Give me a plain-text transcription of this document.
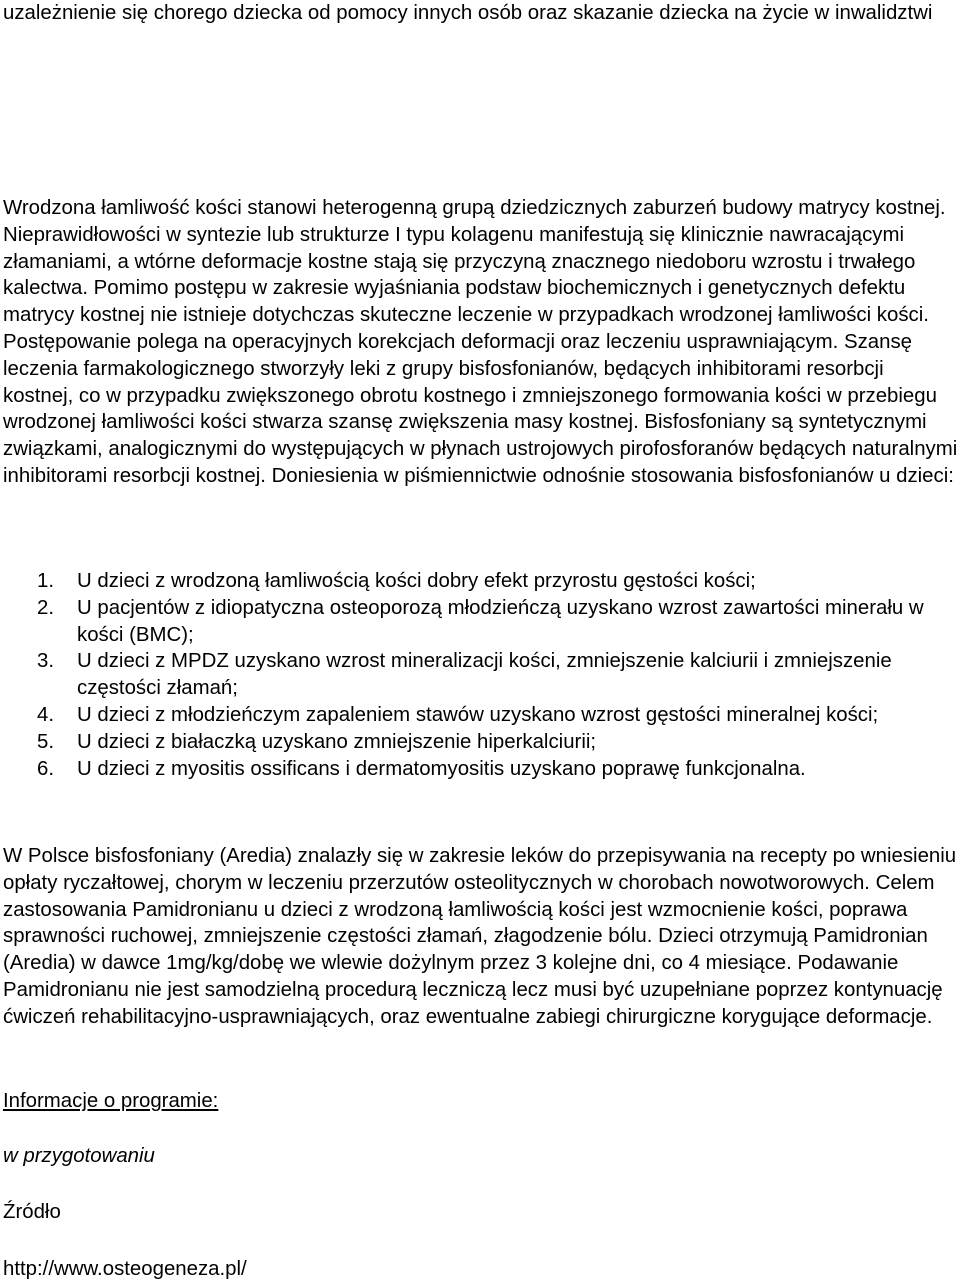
uzależnienie się chorego dziecka od pomocy innych osób oraz skazanie dziecka na życie w inwalidztwi

Wrodzona łamliwość kości stanowi heterogenną grupą dziedzicznych zaburzeń budowy matrycy kostnej. Nieprawidłowości w syntezie lub strukturze I typu kolagenu manifestują się klinicznie nawracającymi złamaniami, a wtórne deformacje kostne stają się przyczyną znacznego niedoboru wzrostu i trwałego kalectwa. Pomimo postępu w zakresie wyjaśniania podstaw biochemicznych i genetycznych defektu matrycy kostnej nie istnieje dotychczas skuteczne leczenie w przypadkach wrodzonej łamliwości kości. Postępowanie polega na operacyjnych korekcjach deformacji oraz leczeniu usprawniającym. Szansę leczenia farmakologicznego stworzyły leki z grupy bisfosfonianów, będących inhibitorami resorbcji kostnej, co w przypadku zwiększonego obrotu kostnego i zmniejszonego formowania kości w przebiegu wrodzonej łamliwości kości stwarza szansę zwiększenia masy kostnej. Bisfosfoniany są syntetycznymi związkami, analogicznymi do występujących w płynach ustrojowych pirofosforanów będących naturalnymi inhibitorami resorbcji kostnej. Doniesienia w piśmiennictwie odnośnie stosowania bisfosfonianów u dzieci:

1. U dzieci z wrodzoną łamliwością kości dobry efekt przyrostu gęstości kości;
2. U pacjentów z idiopatyczna osteoporozą młodzieńczą uzyskano wzrost zawartości minerału w kości (BMC);
3. U dzieci z MPDZ uzyskano wzrost mineralizacji kości, zmniejszenie kalciurii i zmniejszenie częstości złamań;
4. U dzieci z młodzieńczym zapaleniem stawów uzyskano wzrost gęstości mineralnej kości;
5. U dzieci z białaczką uzyskano zmniejszenie hiperkalciurii;
6. U dzieci z myositis ossificans i dermatomyositis uzyskano poprawę funkcjonalna.

W Polsce bisfosfoniany (Aredia) znalazły się w zakresie leków do przepisywania na recepty po wniesieniu opłaty ryczałtowej, chorym w leczeniu przerzutów osteolitycznych w chorobach nowotworowych. Celem zastosowania Pamidronianu u dzieci z wrodzoną łamliwością kości jest wzmocnienie kości, poprawa sprawności ruchowej, zmniejszenie częstości złamań, złagodzenie bólu. Dzieci otrzymują Pamidronian (Aredia) w dawce 1mg/kg/dobę we wlewie dożylnym przez 3 kolejne dni, co 4 miesiące. Podawanie Pamidronianu nie jest samodzielną procedurą leczniczą lecz musi być uzupełniane poprzez kontynuację ćwiczeń rehabilitacyjno-usprawniających, oraz ewentualne zabiegi chirurgiczne korygujące deformacje.

Informacje o programie:

w przygotowaniu

Źródło

http://www.osteogeneza.pl/
